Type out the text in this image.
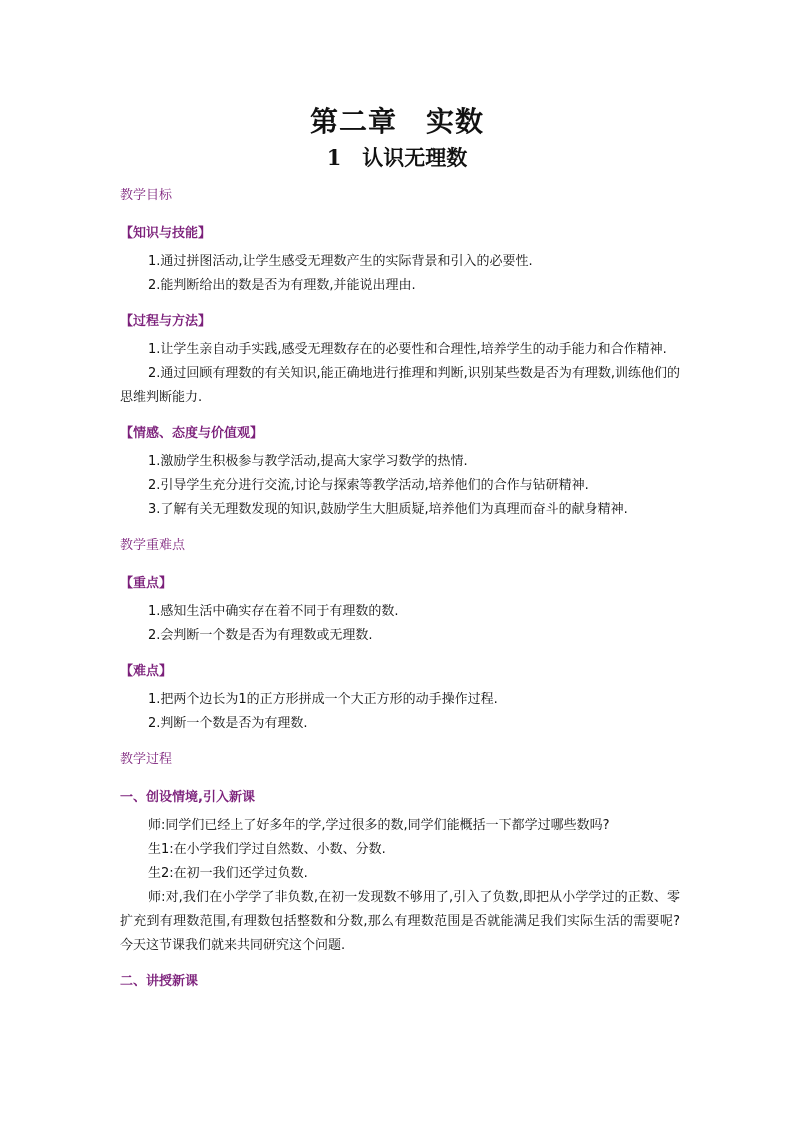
第二章　实数
1　认识无理数
教学目标
【知识与技能】

1.通过拼图活动,让学生感受无理数产生的实际背景和引入的必要性.

2.能判断给出的数是否为有理数,并能说出理由.

【过程与方法】

1.让学生亲自动手实践,感受无理数存在的必要性和合理性,培养学生的动手能力和合作精神.

2.通过回顾有理数的有关知识,能正确地进行推理和判断,识别某些数是否为有理数,训练他们的思维判断能力.

【情感、态度与价值观】

1.激励学生积极参与教学活动,提高大家学习数学的热情.

2.引导学生充分进行交流,讨论与探索等教学活动,培养他们的合作与钻研精神.

3.了解有关无理数发现的知识,鼓励学生大胆质疑,培养他们为真理而奋斗的献身精神.

教学重难点
【重点】

1.感知生活中确实存在着不同于有理数的数.

2.会判断一个数是否为有理数或无理数.

【难点】

1.把两个边长为1的正方形拼成一个大正方形的动手操作过程.

2.判断一个数是否为有理数.

教学过程
一、创设情境,引入新课

师:同学们已经上了好多年的学,学过很多的数,同学们能概括一下都学过哪些数吗?

生1:在小学我们学过自然数、小数、分数.

生2:在初一我们还学过负数.

师:对,我们在小学学了非负数,在初一发现数不够用了,引入了负数,即把从小学学过的正数、零扩充到有理数范围,有理数包括整数和分数,那么有理数范围是否就能满足我们实际生活的需要呢?今天这节课我们就来共同研究这个问题.

二、讲授新课
